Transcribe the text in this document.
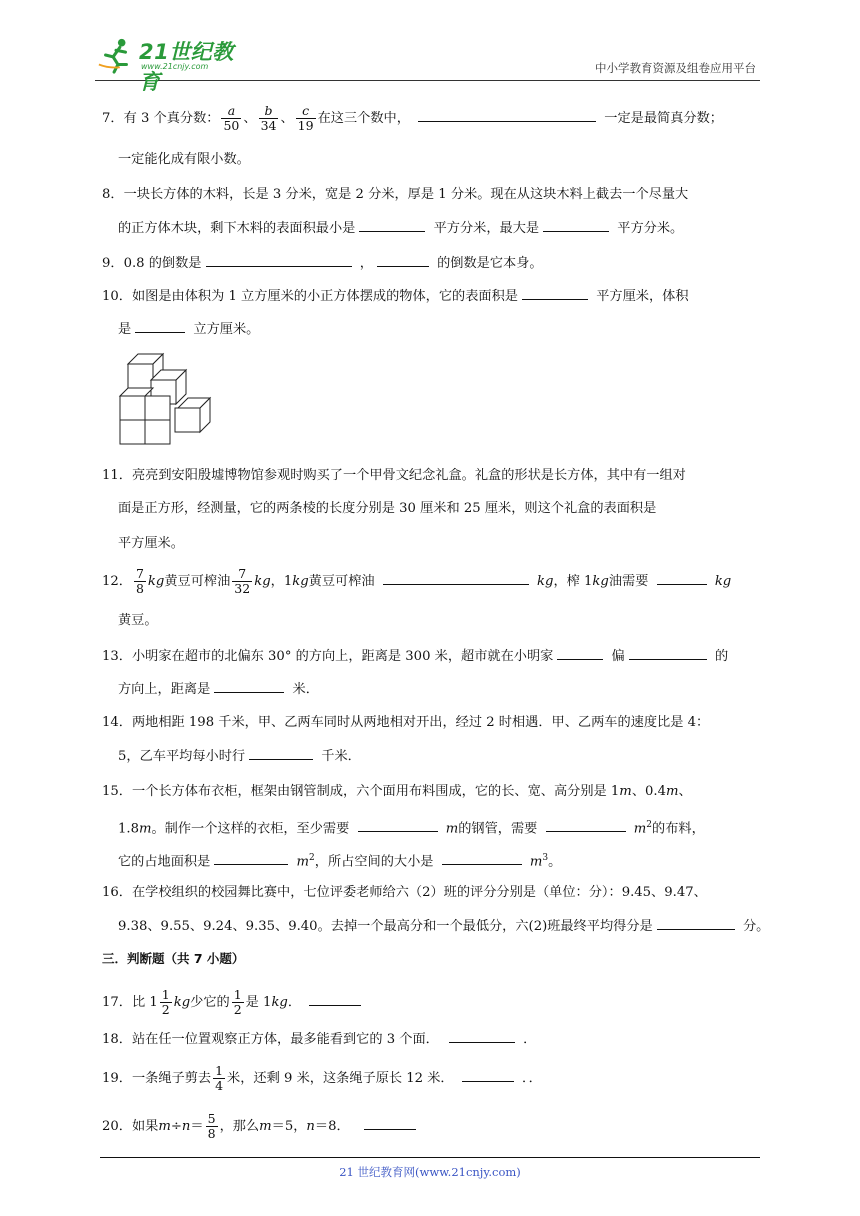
21世纪教育
www.21cnjy.com	中小学教育资源及组卷应用平台
7．有 3 个真分数： $\frac{a}{50}$ 、 $\frac{b}{34}$ 、 $\frac{c}{19}$ 在这三个数中，	一定是最简真分数；
一定能化成有限小数。
8．一块长方体的木料，长是 3 分米，宽是 2 分米，厚是 1 分米。现在从这块木料上截去一个尽量大
的正方体木块，剩下木料的表面积最小是	平方分米，最大是	平方分米。
9．0.8 的倒数是	，	的倒数是它本身。
10．如图是由体积为 1 立方厘米的小正方体摆成的物体，它的表面积是	平方厘米，体积
是	立方厘米。
11．亮亮到安阳殷墟博物馆参观时购买了一个甲骨文纪念礼盒。礼盒的形状是长方体，其中有一组对
面是正方形，经测量，它的两条棱的长度分别是 30 厘米和 25 厘米，则这个礼盒的表面积是
平方厘米。
12． $\frac{7}{8}$ kg黄豆可榨油 $\frac{7}{32}$ kg，1kg黄豆可榨油	kg，榨 1kg油需要	kg
黄豆。
13．小明家在超市的北偏东 30° 的方向上，距离是 300 米，超市就在小明家	偏	的
方向上，距离是	米．
14．两地相距 198 千米，甲、乙两车同时从两地相对开出，经过 2 时相遇．甲、乙两车的速度比是 4：
5，乙车平均每小时行	千米．
15．一个长方体布衣柜，框架由钢管制成，六个面用布料围成，它的长、宽、高分别是 1m、0.4m、
1.8m。制作一个这样的衣柜，至少需要	m的钢管，需要	$m^2$的布料，
它的占地面积是	$m^2$，所占空间的大小是	$m^3$。
16．在学校组织的校园舞比赛中，七位评委老师给六（2）班的评分分别是（单位：分）：9.45、9.47、
9.38、9.55、9.24、9.35、9.40。去掉一个最高分和一个最低分，六(2)班最终平均得分是	分。
三．判断题（共 7 小题）
17．比 $1 \frac{1}{2}$ kg少它的 $\frac{1}{2}$ 是 1kg．
18．站在任一位置观察正方体，最多能看到它的 3 个面．	．
19．一条绳子剪去 $\frac{1}{4}$ 米，还剩 9 米，这条绳子原长 12 米．	．．
20．如果$m\div n= \frac{5}{8}$ ，那么m＝5，n＝8．
21 世纪教育网(www.21cnjy.com)
